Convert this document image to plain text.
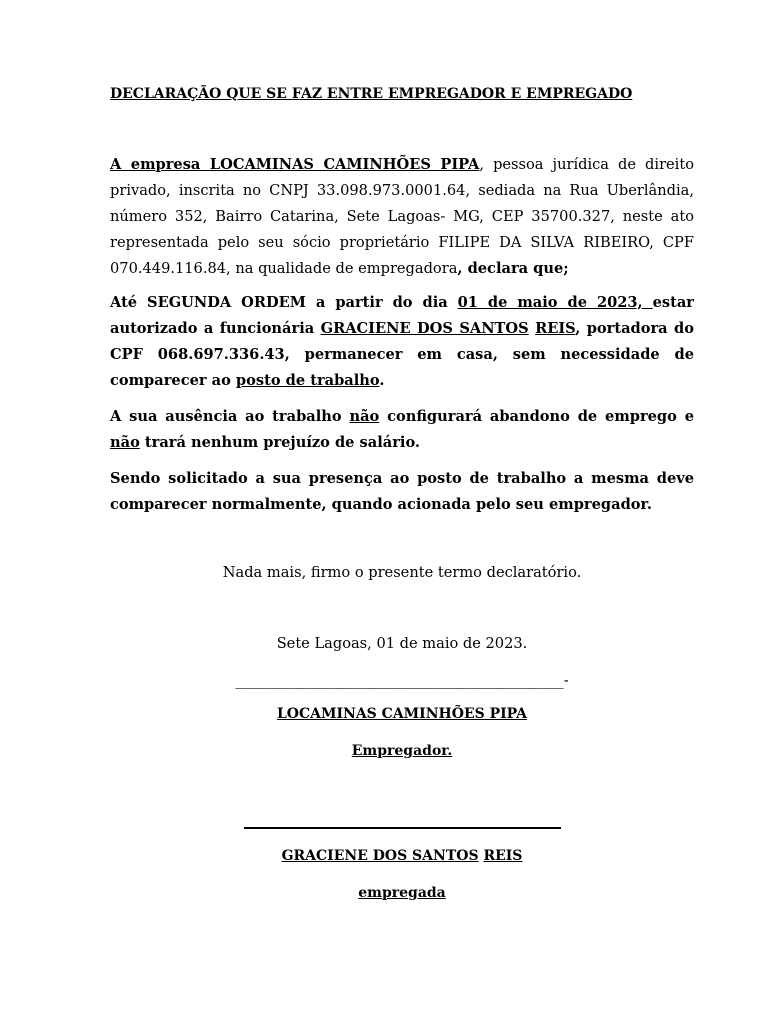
DECLARAÇÃO QUE SE FAZ ENTRE EMPREGADOR E EMPREGADO
A empresa LOCAMINAS CAMINHÕES PIPA, pessoa jurídica de direito privado, inscrita no CNPJ 33.098.973.0001.64, sediada na Rua Uberlândia, número 352, Bairro Catarina, Sete Lagoas- MG, CEP 35700.327, neste ato representada pelo seu sócio proprietário FILIPE DA SILVA RIBEIRO, CPF 070.449.116.84, na qualidade de empregadora, declara que;
Até SEGUNDA ORDEM a partir do dia 01 de maio de 2023, estar autorizado a funcionária GRACIENE DOS SANTOS REIS, portadora do CPF 068.697.336.43, permanecer em casa, sem necessidade de comparecer ao posto de trabalho.
A sua ausência ao trabalho não configurará abandono de emprego e não trará nenhum prejuízo de salário.
Sendo solicitado a sua presença ao posto de trabalho a mesma deve comparecer normalmente, quando acionada pelo seu empregador.
Nada mais, firmo o presente termo declaratório.
Sete Lagoas, 01 de maio de 2023.
_____________________________________________-
LOCAMINAS CAMINHÕES PIPA
Empregador.
GRACIENE DOS SANTOS REIS
empregada
